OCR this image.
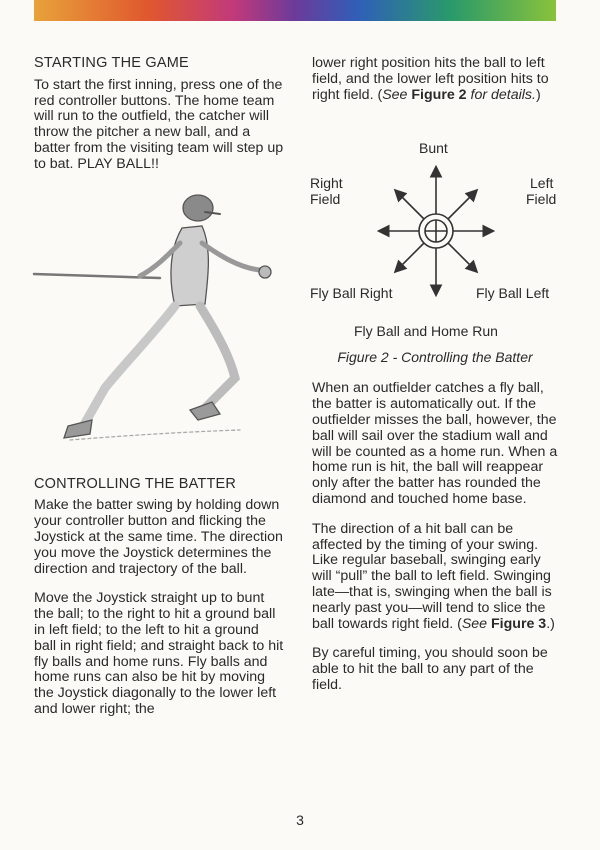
STARTING THE GAME

To start the first inning, press one of the red controller buttons. The home team will run to the outfield, the catcher will throw the pitcher a new ball, and a batter from the visiting team will step up to bat. PLAY BALL!!

CONTROLLING THE BATTER

Make the batter swing by holding down your controller button and flicking the Joystick at the same time. The direction you move the Joystick determines the direction and trajectory of the ball.

Move the Joystick straight up to bunt the ball; to the right to hit a ground ball in left field; to the left to hit a ground ball in right field; and straight back to hit fly balls and home runs. Fly balls and home runs can also be hit by moving the Joystick diagonally to the lower left and lower right; the

lower right position hits the ball to left field, and the lower left position hits to right field. (See Figure 2 for details.)

When an outfielder catches a fly ball, the batter is automatically out. If the outfielder misses the ball, however, the ball will sail over the stadium wall and will be counted as a home run. When a home run is hit, the ball will reappear only after the batter has rounded the diamond and touched home base.

The direction of a hit ball can be affected by the timing of your swing. Like regular baseball, swinging early will “pull” the ball to left field. Swinging late—that is, swinging when the ball is nearly past you—will tend to slice the ball towards right field. (See Figure 3.)

By careful timing, you should soon be able to hit the ball to any part of the field.

Bunt
Right
Field
Left
Field
Fly Ball Right	Fly Ball Left
Fly Ball and Home Run
Figure 2 - Controlling the Batter
3
